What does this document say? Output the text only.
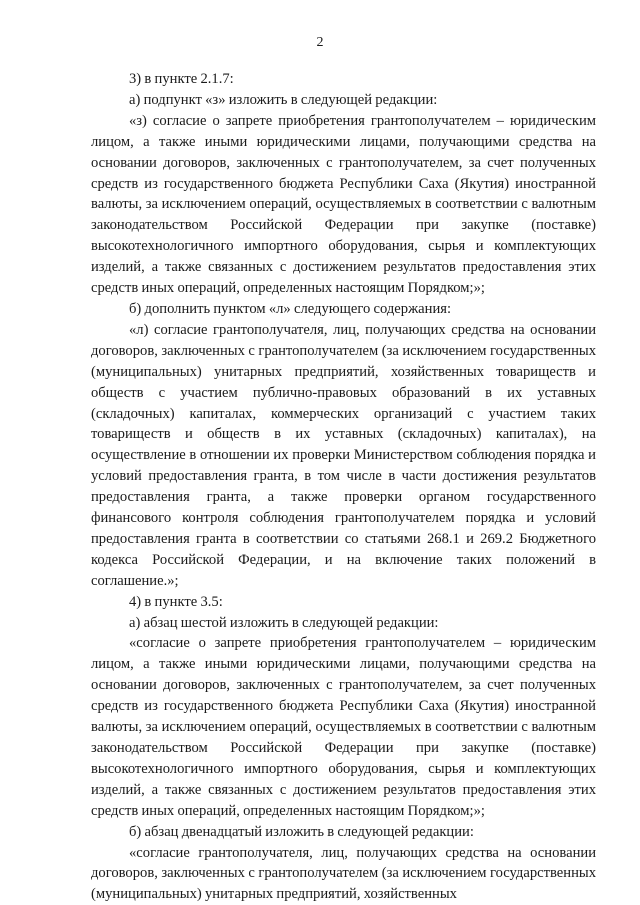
2

3) в пункте 2.1.7:

а) подпункт «з» изложить в следующей редакции:

«з) согласие о запрете приобретения грантополучателем – юридическим лицом, а также иными юридическими лицами, получающими средства на основании договоров, заключенных с грантополучателем, за счет полученных средств из государственного бюджета Республики Саха (Якутия) иностранной валюты, за исключением операций, осуществляемых в соответствии с валютным законодательством Российской Федерации при закупке (поставке) высокотехнологичного импортного оборудования, сырья и комплектующих изделий, а также связанных с достижением результатов предоставления этих средств иных операций, определенных настоящим Порядком;»;

б) дополнить пунктом «л» следующего содержания:

«л) согласие грантополучателя, лиц, получающих средства на основании договоров, заключенных с грантополучателем (за исключением государственных (муниципальных) унитарных предприятий, хозяйственных товариществ и обществ с участием публично-правовых образований в их уставных (складочных) капиталах, коммерческих организаций с участием таких товариществ и обществ в их уставных (складочных) капиталах), на осуществление в отношении их проверки Министерством соблюдения порядка и условий предоставления гранта, в том числе в части достижения результатов предоставления гранта, а также проверки органом государственного финансового контроля соблюдения грантополучателем порядка и условий предоставления гранта в соответствии со статьями 268.1 и 269.2 Бюджетного кодекса Российской Федерации, и на включение таких положений в соглашение.»;

4) в пункте 3.5:

а) абзац шестой изложить в следующей редакции:

«согласие о запрете приобретения грантополучателем – юридическим лицом, а также иными юридическими лицами, получающими средства на основании договоров, заключенных с грантополучателем, за счет полученных средств из государственного бюджета Республики Саха (Якутия) иностранной валюты, за исключением операций, осуществляемых в соответствии с валютным законодательством Российской Федерации при закупке (поставке) высокотехнологичного импортного оборудования, сырья и комплектующих изделий, а также связанных с достижением результатов предоставления этих средств иных операций, определенных настоящим Порядком;»;

б) абзац двенадцатый изложить в следующей редакции:

«согласие грантополучателя, лиц, получающих средства на основании договоров, заключенных с грантополучателем (за исключением государственных (муниципальных) унитарных предприятий, хозяйственных
